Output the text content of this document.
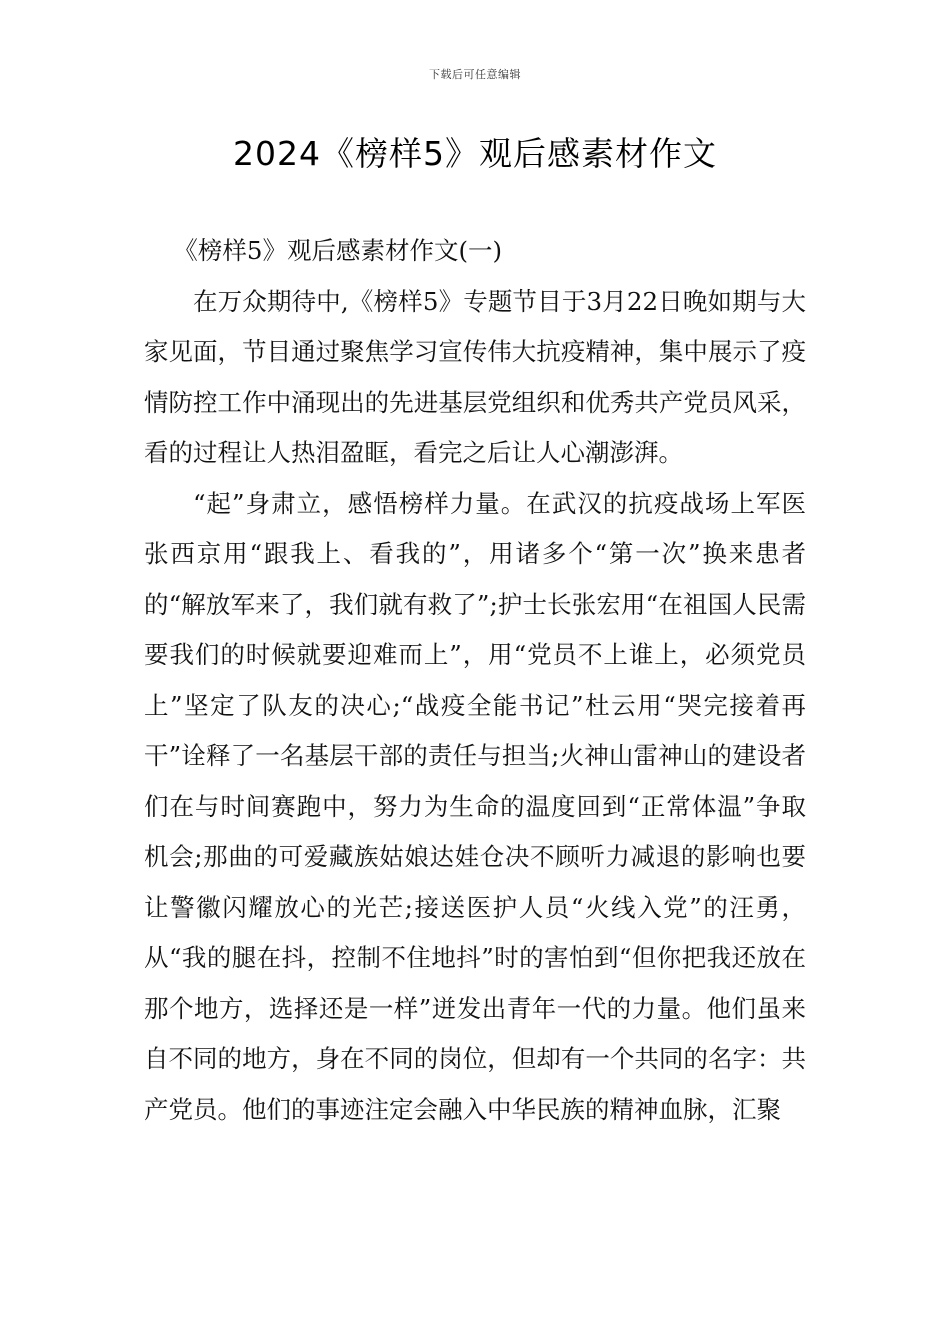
下载后可任意编辑
2024《榜样5》观后感素材作文

《榜样5》观后感素材作文(一)

在万众期待中,《榜样5》专题节目于3月22日晚如期与大家见面，节目通过聚焦学习宣传伟大抗疫精神，集中展示了疫情防控工作中涌现出的先进基层党组织和优秀共产党员风采，看的过程让人热泪盈眶，看完之后让人心潮澎湃。

“起”身肃立，感悟榜样力量。在武汉的抗疫战场上军医张西京用“跟我上、看我的”，用诸多个“第一次”换来患者的“解放军来了，我们就有救了”;护士长张宏用“在祖国人民需要我们的时候就要迎难而上”，用“党员不上谁上，必须党员上”坚定了队友的决心;“战疫全能书记”杜云用“哭完接着再干”诠释了一名基层干部的责任与担当;火神山雷神山的建设者们在与时间赛跑中，努力为生命的温度回到“正常体温”争取机会;那曲的可爱藏族姑娘达娃仓决不顾听力减退的影响也要让警徽闪耀放心的光芒;接送医护人员“火线入党”的汪勇，从“我的腿在抖，控制不住地抖”时的害怕到“但你把我还放在那个地方，选择还是一样”迸发出青年一代的力量。他们虽来自不同的地方，身在不同的岗位，但却有一个共同的名字：共产党员。他们的事迹注定会融入中华民族的精神血脉，汇聚
